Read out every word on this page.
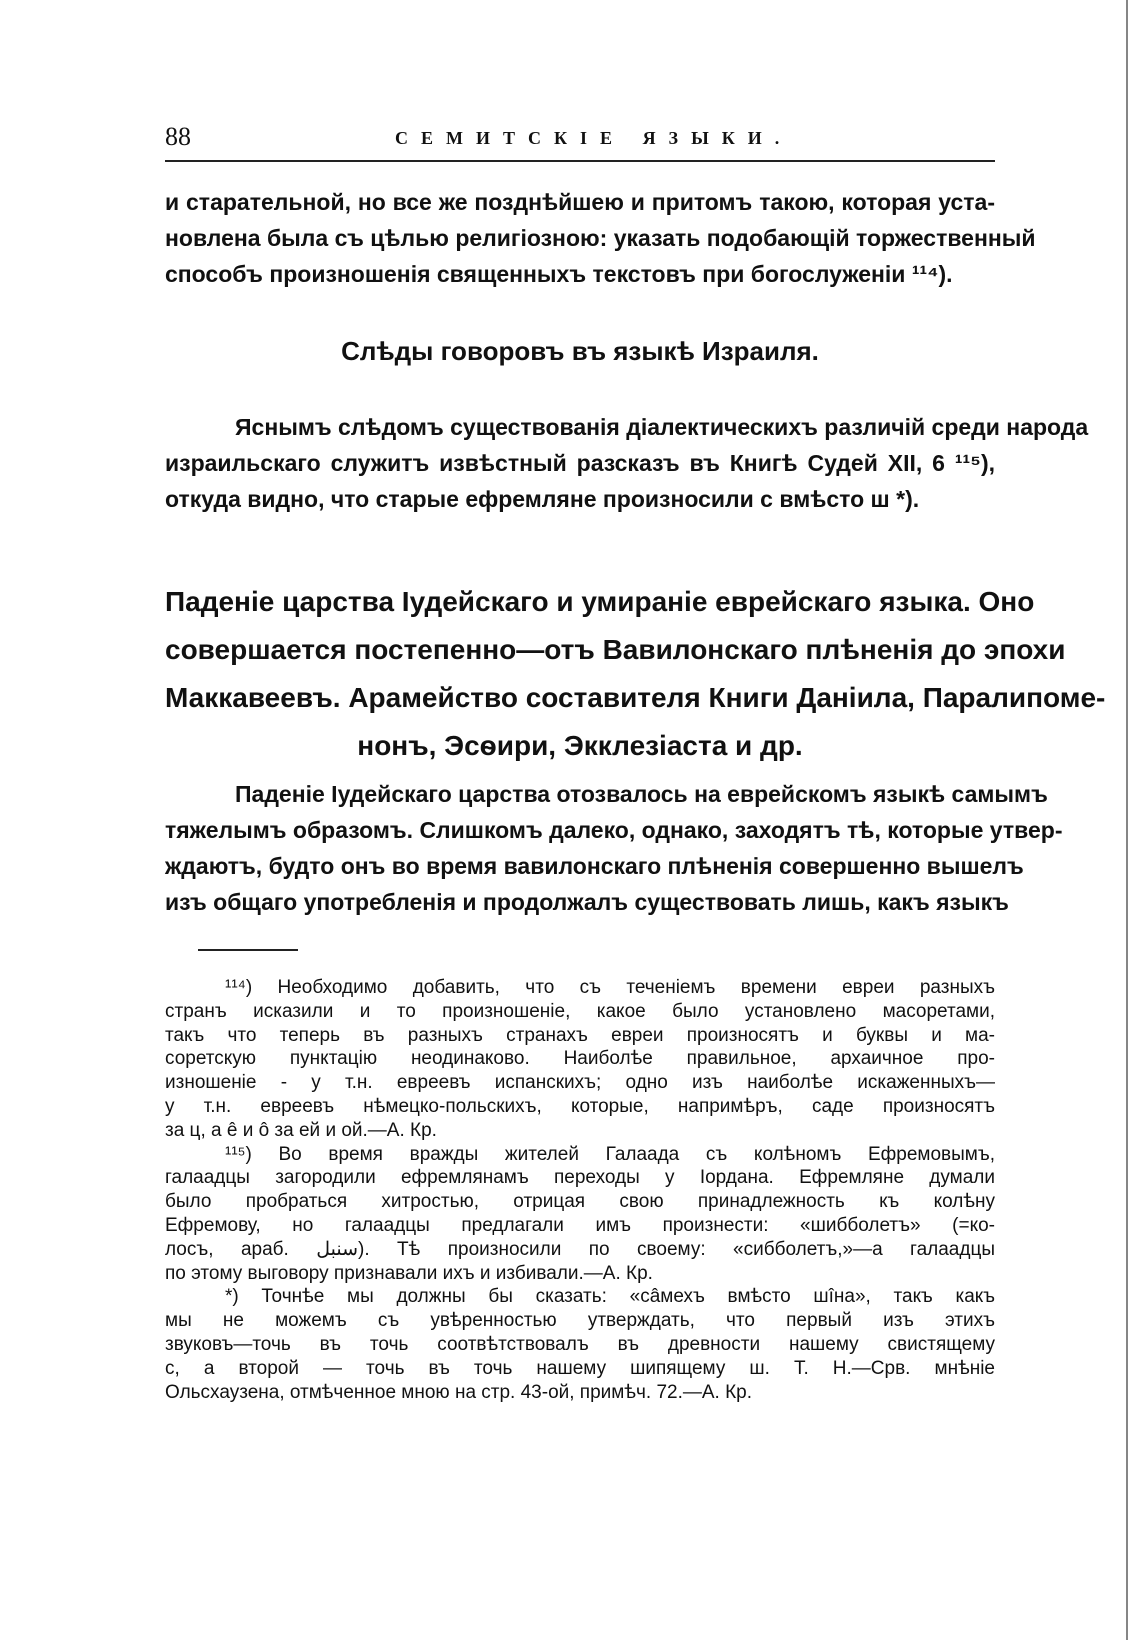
88	СЕМИТСКІЕ ЯЗЫКИ.
и старательной, но все же позднѣйшею и притомъ такою, которая уста-
новлена была съ цѣлью религіозною: указать подобающій торжественный
способъ произношенія священныхъ текстовъ при богослуженіи ¹¹⁴).
Слѣды говоровъ въ языкѣ Израиля.
Яснымъ слѣдомъ существованія діалектическихъ различій среди народа
израильскаго служитъ извѣстный разсказъ въ Книгѣ Судей XII, 6 ¹¹⁵),
откуда видно, что старые ефремляне произносили с вмѣсто ш *).
Паденіе царства Іудейскаго и умираніе еврейскаго языка. Оно
совершается постепенно—отъ Вавилонскаго плѣненія до эпохи
Маккавеевъ. Арамейство составителя Книги Даніила, Паралипоме-
нонъ, Эсѳири, Экклезіаста и др.
Паденіе Іудейскаго царства отозвалось на еврейскомъ языкѣ самымъ
тяжелымъ образомъ. Слишкомъ далеко, однако, заходятъ тѣ, которые утвер-
ждаютъ, будто онъ во время вавилонскаго плѣненія совершенно вышелъ
изъ общаго употребленія и продолжалъ существовать лишь, какъ языкъ
¹¹⁴) Необходимо добавить, что съ теченіемъ времени евреи разныхъ
странъ исказили и то произношеніе, какое было установлено масоретами,
такъ что теперь въ разныхъ странахъ евреи произносятъ и буквы и ма-
соретскую пунктацію неодинаково. Наиболѣе правильное, архаичное про-
изношеніе - у т.н. евреевъ испанскихъ; одно изъ наиболѣе искаженныхъ—
у т.н. евреевъ нѣмецко-польскихъ, которые, напримѣръ, саде произносятъ
за ц, а ê и ô за ей и ой.—А. Кр.
¹¹⁵) Во время вражды жителей Галаада съ колѣномъ Ефремовымъ,
галаадцы загородили ефремлянамъ переходы у Іордана. Ефремляне думали
было пробраться хитростью, отрицая свою принадлежность къ колѣну
Ефремову, но галаадцы предлагали имъ произнести: «шибболетъ» (=ко-
лосъ, араб. سنبل). Тѣ произносили по своему: «сибболетъ,»—а галаадцы
по этому выговору признавали ихъ и избивали.—А. Кр.
*) Точнѣе мы должны бы сказать: «сâмехъ вмѣсто шîна», такъ какъ
мы не можемъ съ увѣренностью утверждать, что первый изъ этихъ
звуковъ—точь въ точь соотвѣтствовалъ въ древности нашему свистящему
с, а второй — точь въ точь нашему шипящему ш. Т. Н.—Срв. мнѣніе
Ольсхаузена, отмѣченное мною на стр. 43-ой, примѣч. 72.—А. Кр.
